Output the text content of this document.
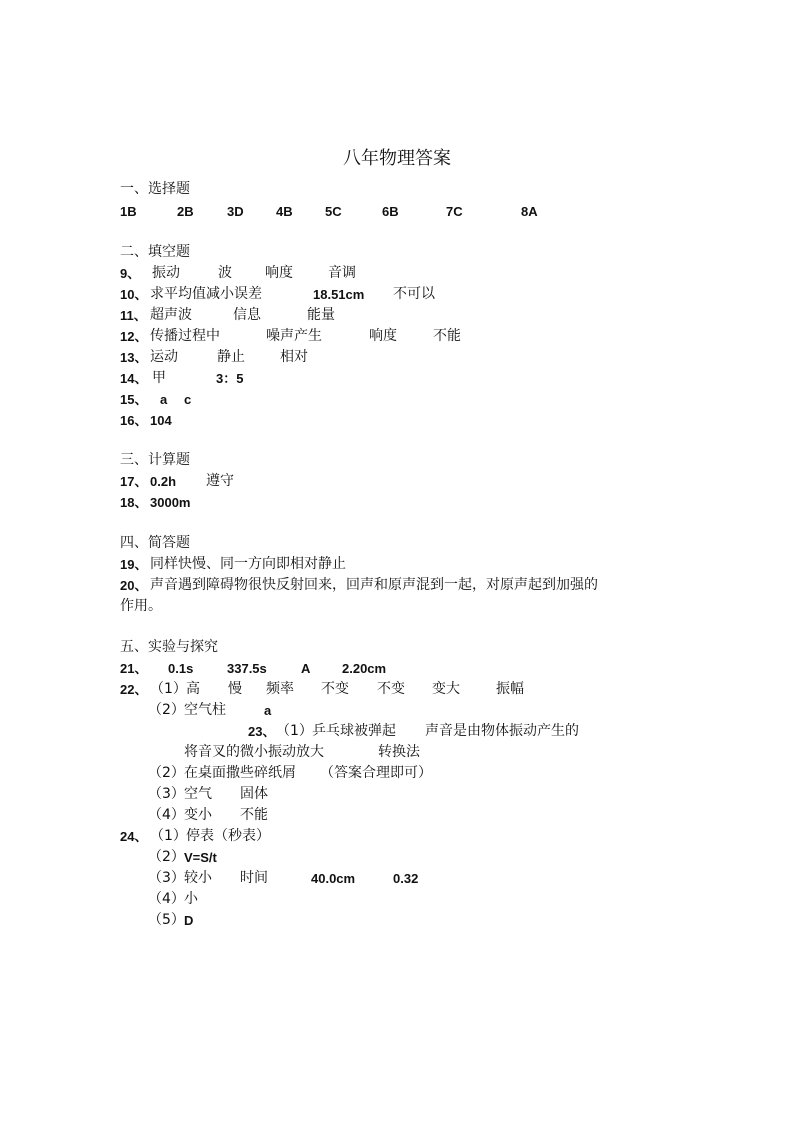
八年物理答案
一、选择题
1B	2B	3D 4B 5C	6B	7C	8A
二、填空题
9、 振动	波 响度	音调
10、 求平均值减小误差	18.51cm 不可以
11、 超声波	信息	能量
12、 传播过程中	噪声产生	响度	不能
13、 运动	静止	相对
14、 甲	3：5
15、 a c
16、 104
三、计算题
17、 0.2h 遵守
18、 3000m
四、简答题
19、 同样快慢、同一方向即相对静止
20、 声音遇到障碍物很快反射回来，回声和原声混到一起，对原声起到加强的
作用。
五、实验与探究
21、 0.1s	337.5s	A 2.20cm
22、 （1） 高 慢 频率 不变 不变 变大	振幅
（2） 空气柱	a
23、 （1） 乒乓球被弹起 声音是由物体振动产生的
将音叉的微小振动放大	转换法
（2） 在桌面撒些碎纸屑 （答案合理即可）
（3） 空气 固体
（4） 变小 不能
24、 （1） 停表（秒表）
（2） V=S/t
（3） 较小 时间	40.0cm	0.32
（4） 小
（5） D
